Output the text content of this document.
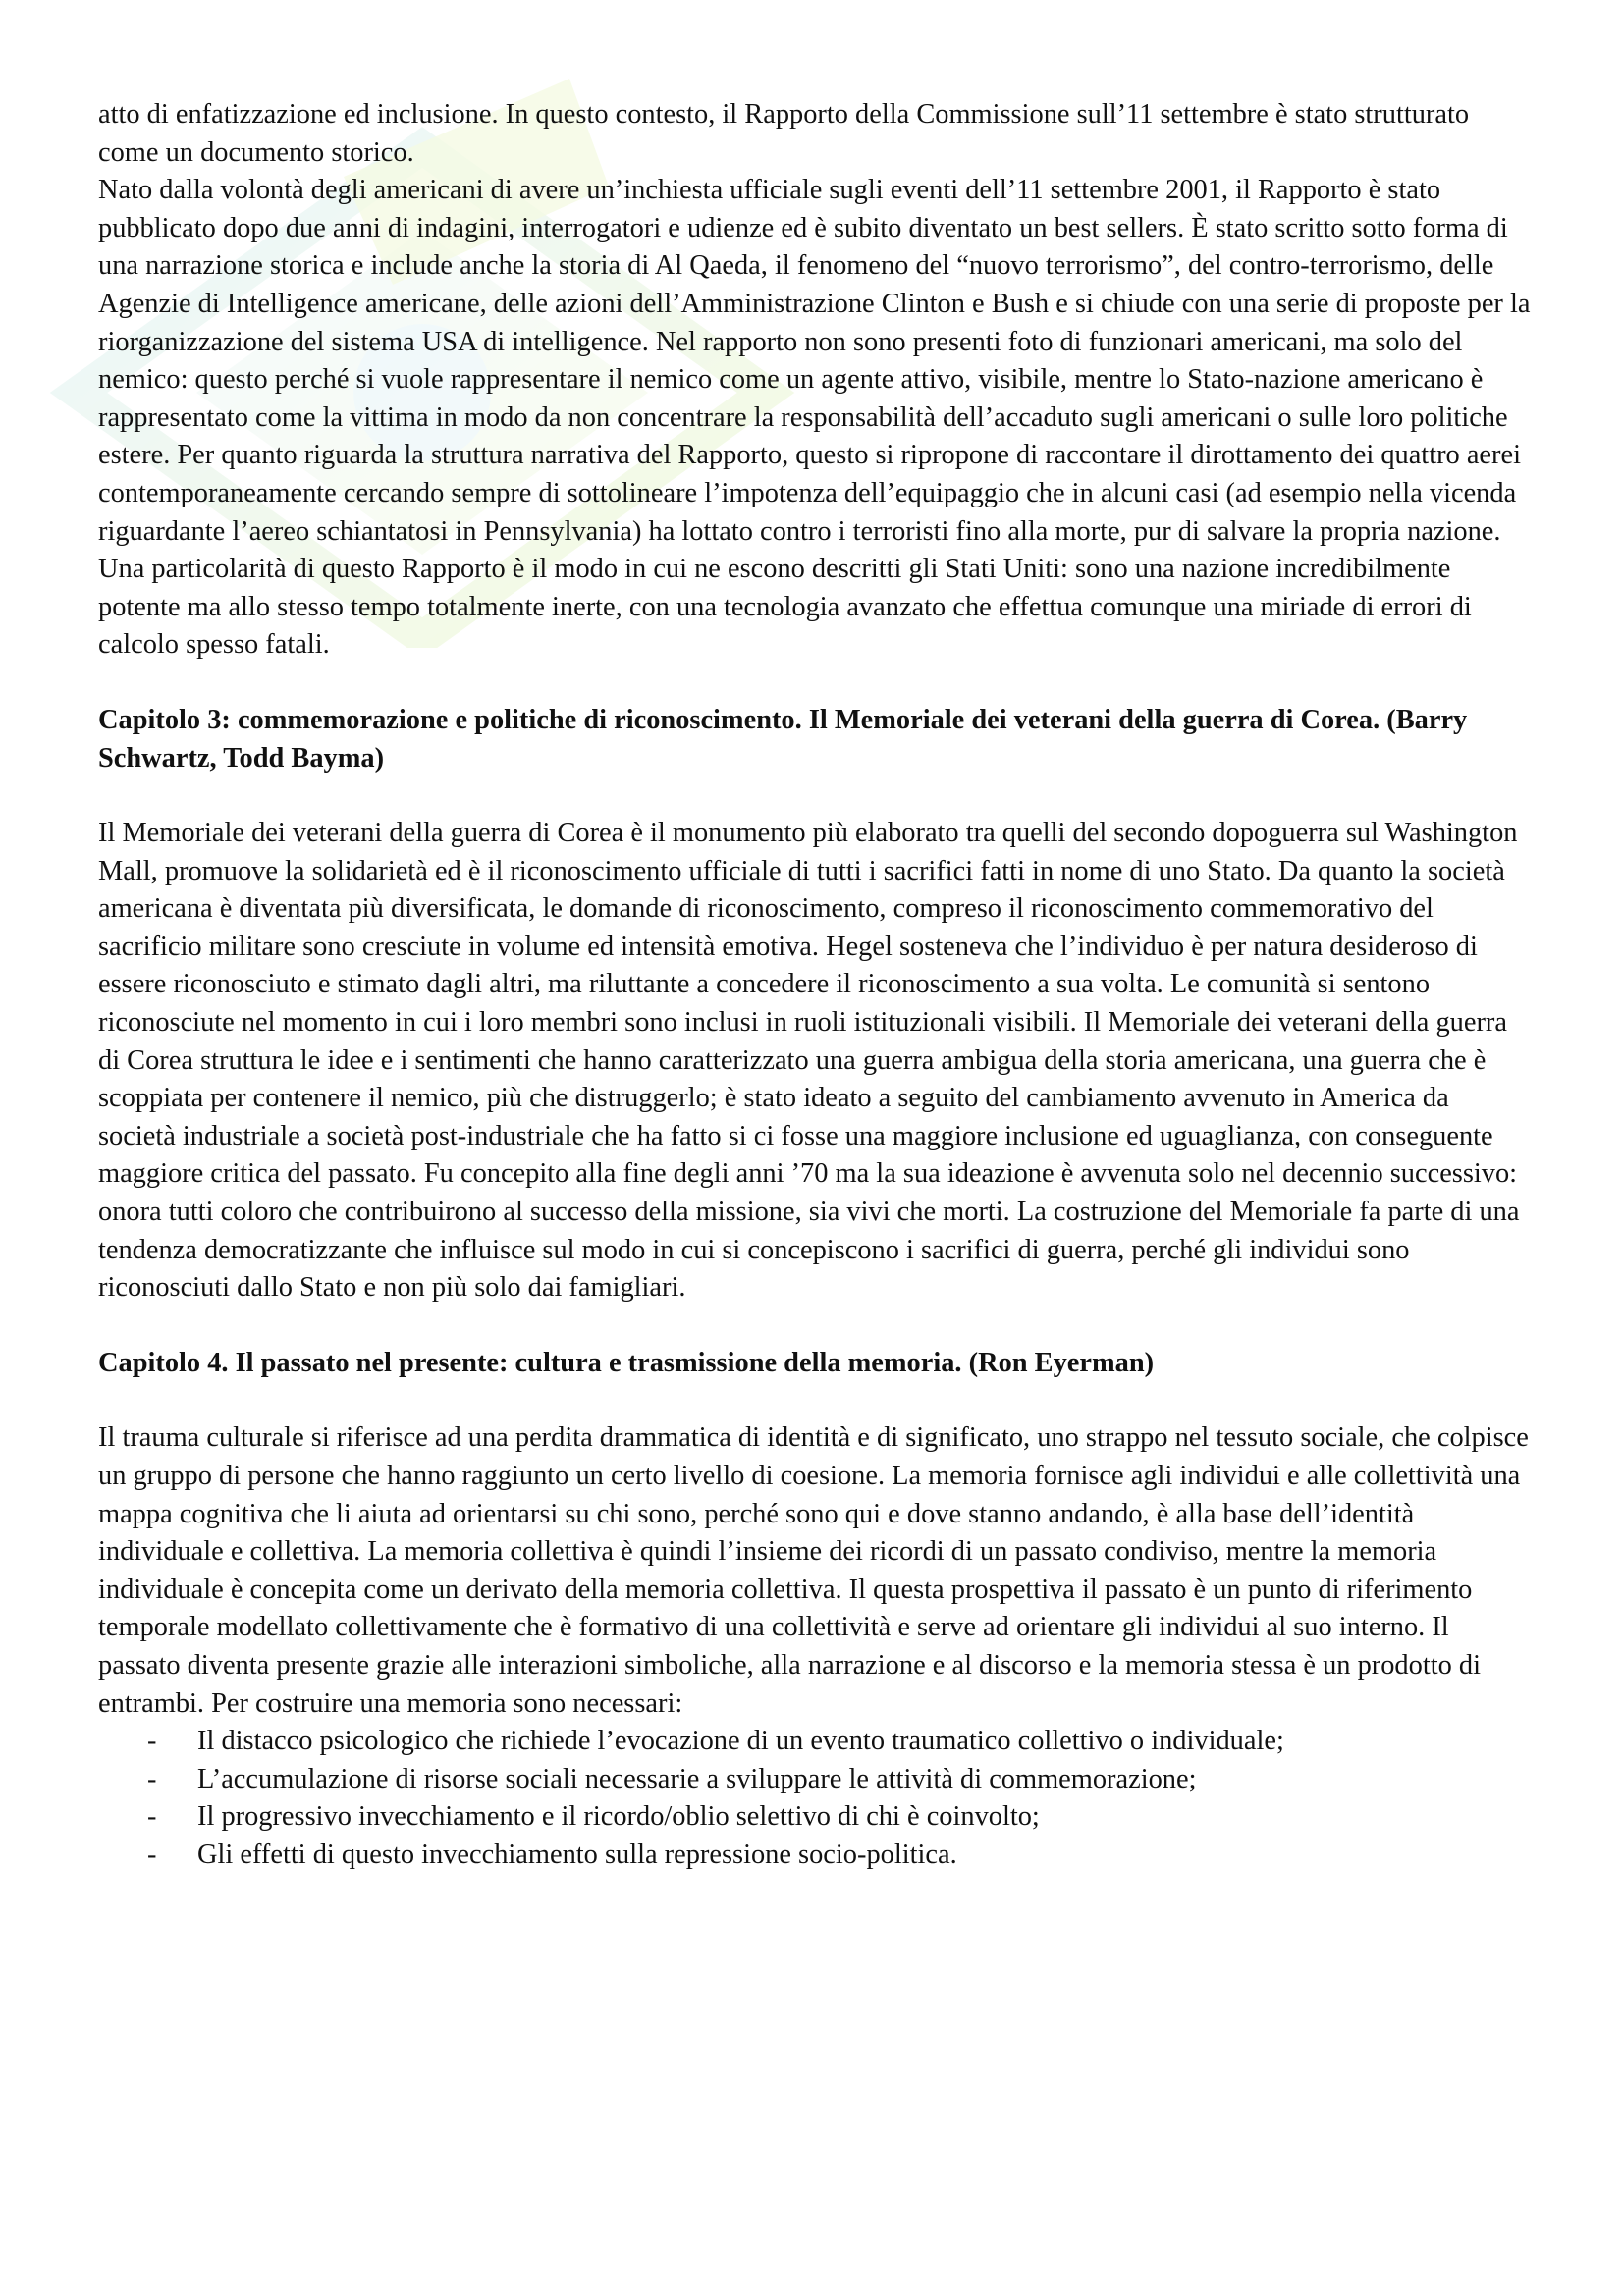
atto di enfatizzazione ed inclusione. In questo contesto, il Rapporto della Commissione sull’11 settembre è stato strutturato come un documento storico.

Nato dalla volontà degli americani di avere un’inchiesta ufficiale sugli eventi dell’11 settembre 2001, il Rapporto è stato pubblicato dopo due anni di indagini, interrogatori e udienze ed è subito diventato un best sellers. È stato scritto sotto forma di una narrazione storica e include anche la storia di Al Qaeda, il fenomeno del “nuovo terrorismo”, del contro-terrorismo, delle Agenzie di Intelligence americane, delle azioni dell’Amministrazione Clinton e Bush e si chiude con una serie di proposte per la riorganizzazione del sistema USA di intelligence. Nel rapporto non sono presenti foto di funzionari americani, ma solo del nemico: questo perché si vuole rappresentare il nemico come un agente attivo, visibile, mentre lo Stato-nazione americano è rappresentato come la vittima in modo da non concentrare la responsabilità dell’accaduto sugli americani o sulle loro politiche estere. Per quanto riguarda la struttura narrativa del Rapporto, questo si ripropone di raccontare il dirottamento dei quattro aerei contemporaneamente cercando sempre di sottolineare l’impotenza dell’equipaggio che in alcuni casi (ad esempio nella vicenda riguardante l’aereo schiantatosi in Pennsylvania) ha lottato contro i terroristi fino alla morte, pur di salvare la propria nazione. Una particolarità di questo Rapporto è il modo in cui ne escono descritti gli Stati Uniti: sono una nazione incredibilmente potente ma allo stesso tempo totalmente inerte, con una tecnologia avanzato che effettua comunque una miriade di errori di calcolo spesso fatali.

Capitolo 3: commemorazione e politiche di riconoscimento. Il Memoriale dei veterani della guerra di Corea. (Barry Schwartz, Todd Bayma)

Il Memoriale dei veterani della guerra di Corea è il monumento più elaborato tra quelli del secondo dopoguerra sul Washington Mall, promuove la solidarietà ed è il riconoscimento ufficiale di tutti i sacrifici fatti in nome di uno Stato. Da quanto la società americana è diventata più diversificata, le domande di riconoscimento, compreso il riconoscimento commemorativo del sacrificio militare sono cresciute in volume ed intensità emotiva. Hegel sosteneva che l’individuo è per natura desideroso di essere riconosciuto e stimato dagli altri, ma riluttante a concedere il riconoscimento a sua volta. Le comunità si sentono riconosciute nel momento in cui i loro membri sono inclusi in ruoli istituzionali visibili. Il Memoriale dei veterani della guerra di Corea struttura le idee e i sentimenti che hanno caratterizzato una guerra ambigua della storia americana, una guerra che è scoppiata per contenere il nemico, più che distruggerlo; è stato ideato a seguito del cambiamento avvenuto in America da società industriale a società post-industriale che ha fatto si ci fosse una maggiore inclusione ed uguaglianza, con conseguente maggiore critica del passato. Fu concepito alla fine degli anni ’70 ma la sua ideazione è avvenuta solo nel decennio successivo: onora tutti coloro che contribuirono al successo della missione, sia vivi che morti. La costruzione del Memoriale fa parte di una tendenza democratizzante che influisce sul modo in cui si concepiscono i sacrifici di guerra, perché gli individui sono riconosciuti dallo Stato e non più solo dai famigliari.

Capitolo 4. Il passato nel presente: cultura e trasmissione della memoria. (Ron Eyerman)

Il trauma culturale si riferisce ad una perdita drammatica di identità e di significato, uno strappo nel tessuto sociale, che colpisce un gruppo di persone che hanno raggiunto un certo livello di coesione. La memoria fornisce agli individui e alle collettività una mappa cognitiva che li aiuta ad orientarsi su chi sono, perché sono qui e dove stanno andando, è alla base dell’identità individuale e collettiva. La memoria collettiva è quindi l’insieme dei ricordi di un passato condiviso, mentre la memoria individuale è concepita come un derivato della memoria collettiva. Il questa prospettiva il passato è un punto di riferimento temporale modellato collettivamente che è formativo di una collettività e serve ad orientare gli individui al suo interno. Il passato diventa presente grazie alle interazioni simboliche, alla narrazione e al discorso e la memoria stessa è un prodotto di entrambi. Per costruire una memoria sono necessari:

- Il distacco psicologico che richiede l’evocazione di un evento traumatico collettivo o individuale;
- L’accumulazione di risorse sociali necessarie a sviluppare le attività di commemorazione;
- Il progressivo invecchiamento e il ricordo/oblio selettivo di chi è coinvolto;
- Gli effetti di questo invecchiamento sulla repressione socio-politica.
